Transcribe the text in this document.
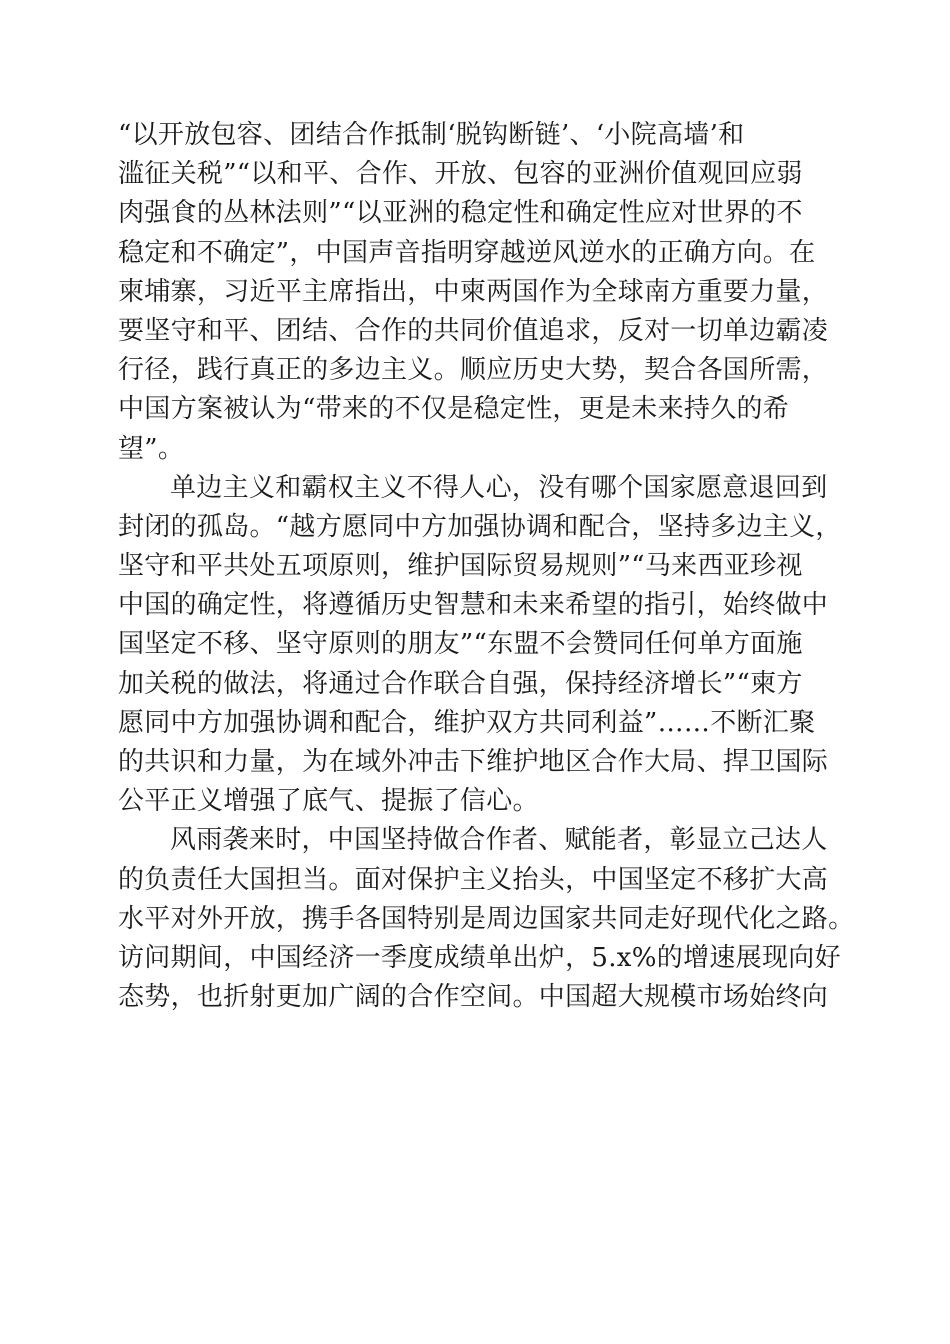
“以开放包容、团结合作抵制‘脱钩断链’、‘小院高墙’和
滥征关税”“以和平、合作、开放、包容的亚洲价值观回应弱
肉强食的丛林法则”“以亚洲的稳定性和确定性应对世界的不
稳定和不确定”，中国声音指明穿越逆风逆水的正确方向。在
柬埔寨，习近平主席指出，中柬两国作为全球南方重要力量，
要坚守和平、团结、合作的共同价值追求，反对一切单边霸凌
行径，践行真正的多边主义。顺应历史大势，契合各国所需，
中国方案被认为“带来的不仅是稳定性，更是未来持久的希
望”。
单边主义和霸权主义不得人心，没有哪个国家愿意退回到
封闭的孤岛。“越方愿同中方加强协调和配合，坚持多边主义，
坚守和平共处五项原则，维护国际贸易规则”“马来西亚珍视
中国的确定性，将遵循历史智慧和未来希望的指引，始终做中
国坚定不移、坚守原则的朋友”“东盟不会赞同任何单方面施
加关税的做法，将通过合作联合自强，保持经济增长”“柬方
愿同中方加强协调和配合，维护双方共同利益”……不断汇聚
的共识和力量，为在域外冲击下维护地区合作大局、捍卫国际
公平正义增强了底气、提振了信心。
风雨袭来时，中国坚持做合作者、赋能者，彰显立己达人
的负责任大国担当。面对保护主义抬头，中国坚定不移扩大高
水平对外开放，携手各国特别是周边国家共同走好现代化之路。
访问期间，中国经济一季度成绩单出炉，5.x%的增速展现向好
态势，也折射更加广阔的合作空间。中国超大规模市场始终向
